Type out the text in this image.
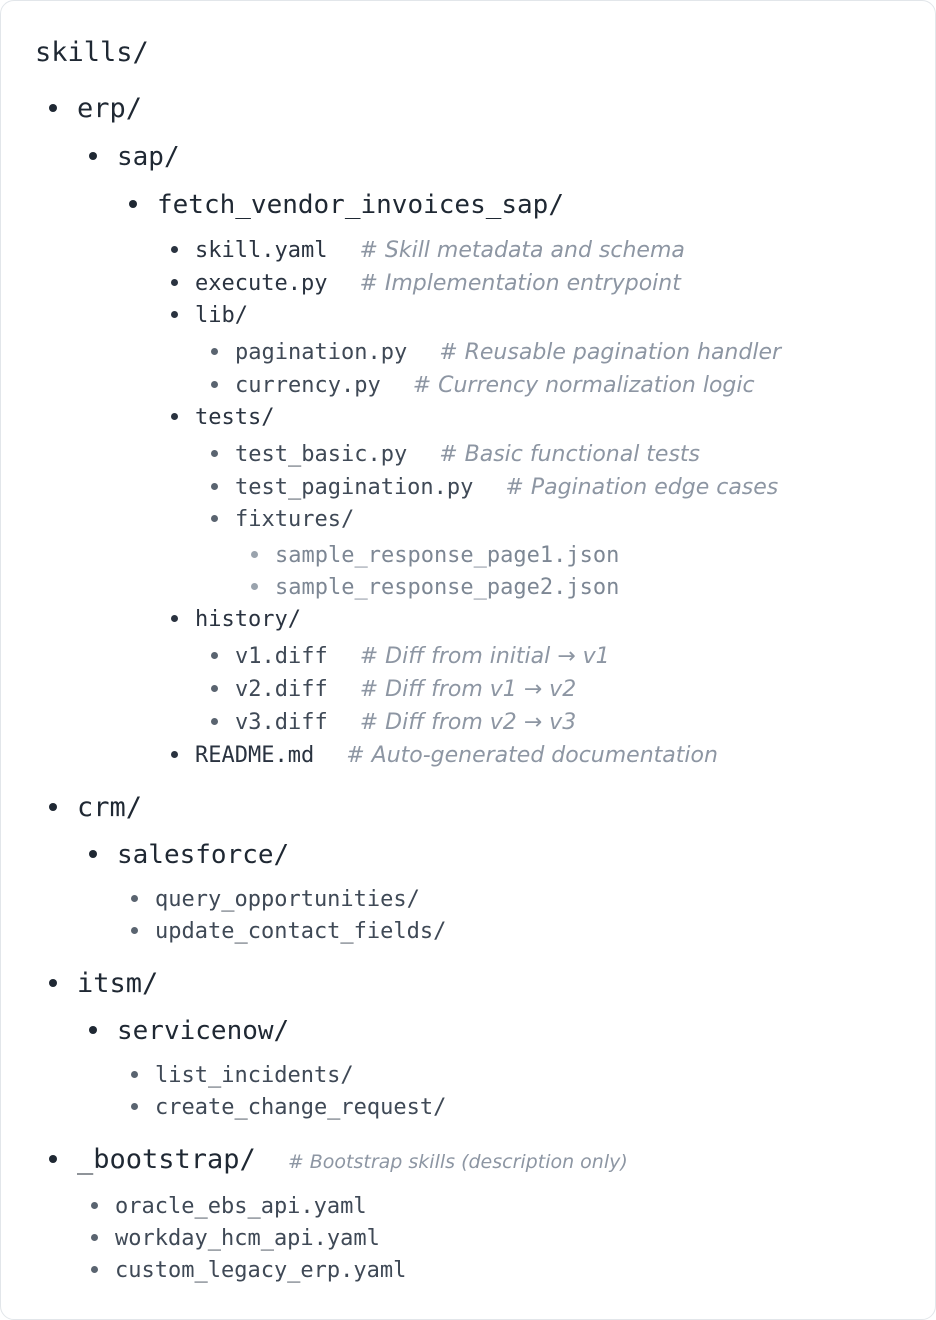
skills/
erp/
sap/
fetch_vendor_invoices_sap/
skill.yaml # Skill metadata and schema
execute.py # Implementation entrypoint
lib/
pagination.py # Reusable pagination handler
currency.py # Currency normalization logic
tests/
test_basic.py # Basic functional tests
test_pagination.py # Pagination edge cases
fixtures/
sample_response_page1.json
sample_response_page2.json
history/
v1.diff # Diff from initial → v1
v2.diff # Diff from v1 → v2
v3.diff # Diff from v2 → v3
README.md # Auto-generated documentation
crm/
salesforce/
query_opportunities/
update_contact_fields/
itsm/
servicenow/
list_incidents/
create_change_request/
_bootstrap/ # Bootstrap skills (description only)
oracle_ebs_api.yaml
workday_hcm_api.yaml
custom_legacy_erp.yaml
